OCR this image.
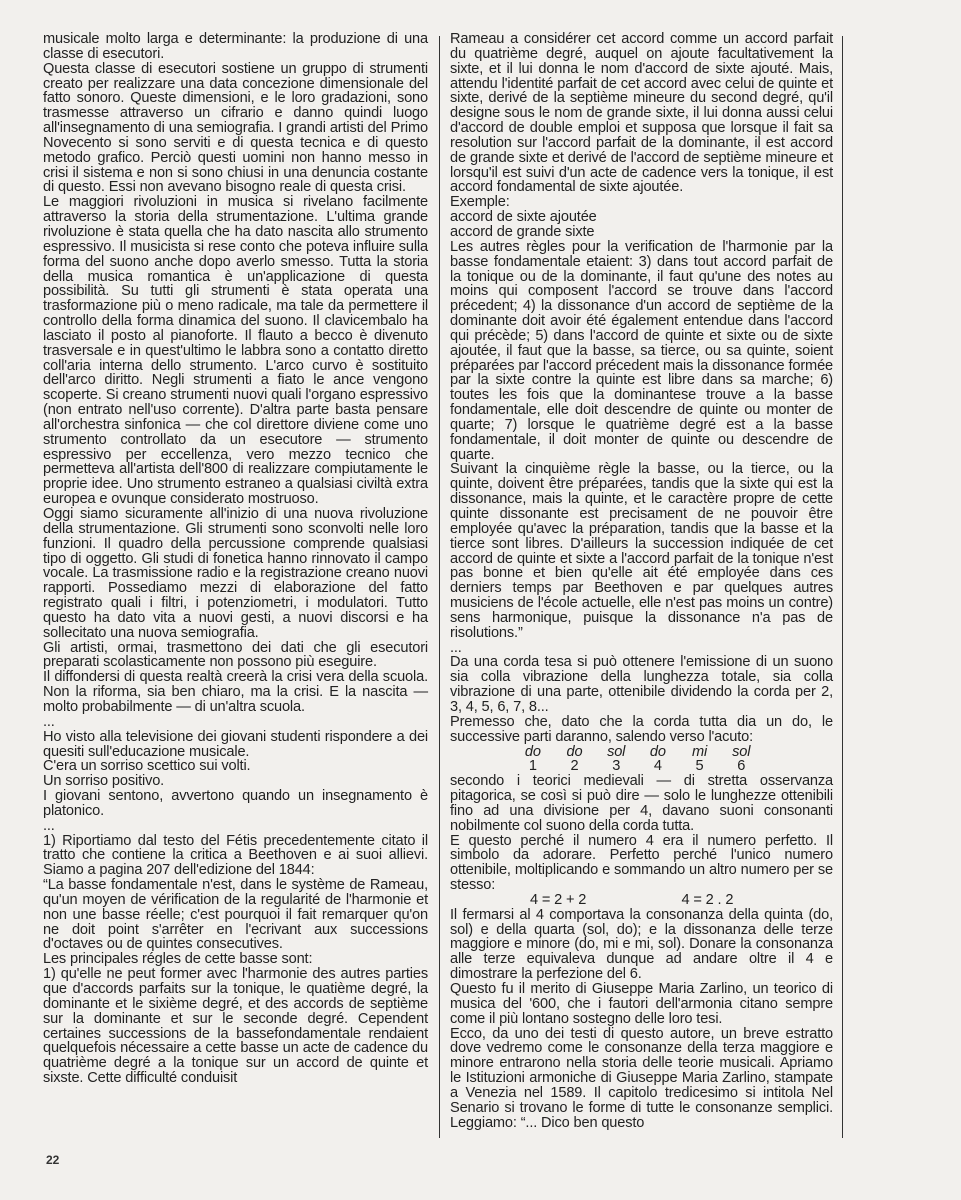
musicale molto larga e determinante: la produzione di una classe di esecutori.

Questa classe di esecutori sostiene un gruppo di strumenti creato per realizzare una data concezione dimensionale del fatto sonoro. Queste dimensioni, e le loro gradazioni, sono trasmesse attraverso un cifrario e danno quindi luogo all'insegnamento di una semiografia. I grandi artisti del Primo Novecento si sono serviti e di questa tecnica e di questo metodo grafico. Perciò questi uomini non hanno messo in crisi il sistema e non si sono chiusi in una denuncia costante di questo. Essi non avevano bisogno reale di questa crisi.

Le maggiori rivoluzioni in musica si rivelano facilmente attraverso la storia della strumentazione. L'ultima grande rivoluzione è stata quella che ha dato nascita allo strumento espressivo. Il musicista si rese conto che poteva influire sulla forma del suono anche dopo averlo smesso. Tutta la storia della musica romantica è un'applicazione di questa possibilità. Su tutti gli strumenti è stata operata una trasformazione più o meno radicale, ma tale da permettere il controllo della forma dinamica del suono. Il clavicembalo ha lasciato il posto al pianoforte. Il flauto a becco è divenuto trasversale e in quest'ultimo le labbra sono a contatto diretto coll'aria interna dello strumento. L'arco curvo è sostituito dell'arco diritto. Negli strumenti a fiato le ance vengono scoperte. Si creano strumenti nuovi quali l'organo espressivo (non entrato nell'uso corrente). D'altra parte basta pensare all'orchestra sinfonica — che col direttore diviene come uno strumento controllato da un esecutore — strumento espressivo per eccellenza, vero mezzo tecnico che permetteva all'artista dell'800 di realizzare compiutamente le proprie idee. Uno strumento estraneo a qualsiasi civiltà extra europea e ovunque considerato mostruoso.

Oggi siamo sicuramente all'inizio di una nuova rivoluzione della strumentazione. Gli strumenti sono sconvolti nelle loro funzioni. Il quadro della percussione comprende qualsiasi tipo di oggetto. Gli studi di fonetica hanno rinnovato il campo vocale. La trasmissione radio e la registrazione creano nuovi rapporti. Possediamo mezzi di elaborazione del fatto registrato quali i filtri, i potenziometri, i modulatori. Tutto questo ha dato vita a nuovi gesti, a nuovi discorsi e ha sollecitato una nuova semiografia.

Gli artisti, ormai, trasmettono dei dati che gli esecutori preparati scolasticamente non possono più eseguire.

Il diffondersi di questa realtà creerà la crisi vera della scuola. Non la riforma, sia ben chiaro, ma la crisi. E la nascita — molto probabilmente — di un'altra scuola.

...

Ho visto alla televisione dei giovani studenti rispondere a dei quesiti sull'educazione musicale.

C'era un sorriso scettico sui volti.

Un sorriso positivo.

I giovani sentono, avvertono quando un insegnamento è platonico.

...

1) Riportiamo dal testo del Fétis precedentemente citato il tratto che contiene la critica a Beethoven e ai suoi allievi. Siamo a pagina 207 dell'edizione del 1844:

“La basse fondamentale n'est, dans le système de Rameau, qu'un moyen de vérification de la regularité de l'harmonie et non une basse réelle; c'est pourquoi il fait remarquer qu'on ne doit point s'arrêter en l'ecrivant aux successions d'octaves ou de quintes consecutives.

Les principales régles de cette basse sont:

1) qu'elle ne peut former avec l'harmonie des autres parties que d'accords parfaits sur la tonique, le quatième degré, la dominante et le sixième degré, et des accords de septième sur la dominante et sur le seconde degré. Cependent certaines successions de la bassefondamentale rendaient quelquefois nécessaire a cette basse un acte de cadence du quatrième degré a la tonique sur un accord de quinte et sixste. Cette difficulté conduisit

Rameau a considérer cet accord comme un accord parfait du quatrième degré, auquel on ajoute facultativement la sixte, et il lui donna le nom d'accord de sixte ajouté. Mais, attendu l'identité parfait de cet accord avec celui de quinte et sixte, derivé de la septième mineure du second degré, qu'il designe sous le nom de grande sixte, il lui donna aussi celui d'accord de double emploi et supposa que lorsque il fait sa resolution sur l'accord parfait de la dominante, il est accord de grande sixte et derivé de l'accord de septième mineure et lorsqu'il est suivi d'un acte de cadence vers la tonique, il est accord fondamental de sixte ajoutée.

Exemple:

accord de sixte ajoutée

accord de grande sixte

Les autres règles pour la verification de l'harmonie par la basse fondamentale etaient: 3) dans tout accord parfait de la tonique ou de la dominante, il faut qu'une des notes au moins qui composent l'accord se trouve dans l'accord précedent; 4) la dissonance d'un accord de septième de la dominante doit avoir été également entendue dans l'accord qui précède; 5) dans l'accord de quinte et sixte ou de sixte ajoutée, il faut que la basse, sa tierce, ou sa quinte, soient préparées par l'accord précedent mais la dissonance formée par la sixte contre la quinte est libre dans sa marche; 6) toutes les fois que la dominantese trouve a la basse fondamentale, elle doit descendre de quinte ou monter de quarte; 7) lorsque le quatrième degré est a la basse fondamentale, il doit monter de quinte ou descendre de quarte.

Suivant la cinquième règle la basse, ou la tierce, ou la quinte, doivent être préparées, tandis que la sixte qui est la dissonance, mais la quinte, et le caractère propre de cette quinte dissonante est precisament de ne pouvoir être employée qu'avec la préparation, tandis que la basse et la tierce sont libres. D'ailleurs la succession indiquée de cet accord de quinte et sixte a l'accord parfait de la tonique n'est pas bonne et bien qu'elle ait été employée dans ces derniers temps par Beethoven e par quelques autres musiciens de l'école actuelle, elle n'est pas moins un contre) sens harmonique, puisque la dissonance n'a pas de risolutions.”

...

Da una corda tesa si può ottenere l'emissione di un suono sia colla vibrazione della lunghezza totale, sia colla vibrazione di una parte, ottenibile dividendo la corda per 2, 3, 4, 5, 6, 7, 8...

Premesso che, dato che la corda tutta dia un do, le successive parti daranno, salendo verso l'acuto:

do	do	sol	do	mi	sol
1	2	3	4	5	6

secondo i teorici medievali — di stretta osservanza pitagorica, se così si può dire — solo le lunghezze ottenibili fino ad una divisione per 4, davano suoni consonanti nobilmente col suono della corda tutta.

E questo perché il numero 4 era il numero perfetto. Il simbolo da adorare. Perfetto perché l'unico numero ottenibile, moltiplicando e sommando un altro numero per se stesso:

4 = 2 + 2	4 = 2 . 2

Il fermarsi al 4 comportava la consonanza della quinta (do, sol) e della quarta (sol, do); e la dissonanza delle terze maggiore e minore (do, mi e mi, sol). Donare la consonanza alle terze equivaleva dunque ad andare oltre il 4 e dimostrare la perfezione del 6.

Questo fu il merito di Giuseppe Maria Zarlino, un teorico di musica del '600, che i fautori dell'armonia citano sempre come il più lontano sostegno delle loro tesi.

Ecco, da uno dei testi di questo autore, un breve estratto dove vedremo come le consonanze della terza maggiore e minore entrarono nella storia delle teorie musicali. Apriamo le Istituzioni armoniche di Giuseppe Maria Zarlino, stampate a Venezia nel 1589. Il capitolo tredicesimo si intitola Nel Senario si trovano le forme di tutte le consonanze semplici. Leggiamo: “... Dico ben questo

22
